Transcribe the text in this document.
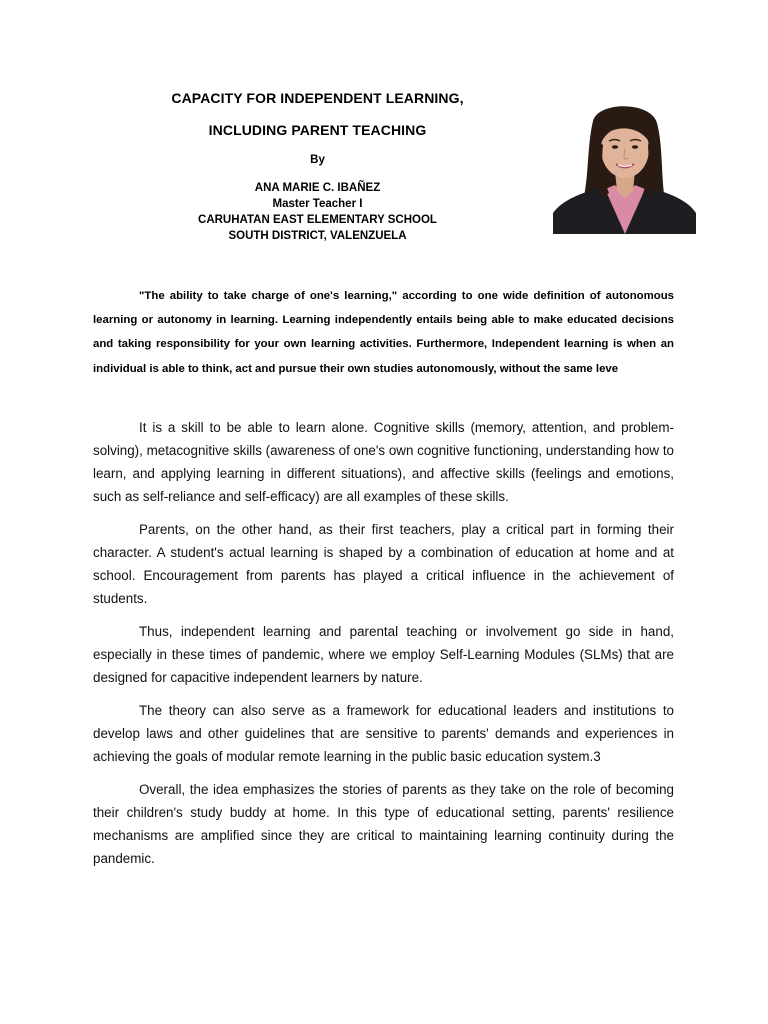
CAPACITY FOR INDEPENDENT LEARNING,
INCLUDING PARENT TEACHING
By
ANA MARIE C. IBAÑEZ
Master Teacher I
CARUHATAN EAST ELEMENTARY SCHOOL
SOUTH DISTRICT, VALENZUELA

"The ability to take charge of one's learning," according to one wide definition of autonomous learning or autonomy in learning. Learning independently entails being able to make educated decisions and taking responsibility for your own learning activities. Furthermore, Independent learning is when an individual is able to think, act and pursue their own studies autonomously, without the same leve

It is a skill to be able to learn alone. Cognitive skills (memory, attention, and problem-solving), metacognitive skills (awareness of one's own cognitive functioning, understanding how to learn, and applying learning in different situations), and affective skills (feelings and emotions, such as self-reliance and self-efficacy) are all examples of these skills.

Parents, on the other hand, as their first teachers, play a critical part in forming their character. A student's actual learning is shaped by a combination of education at home and at school. Encouragement from parents has played a critical influence in the achievement of students.

Thus, independent learning and parental teaching or involvement go side in hand, especially in these times of pandemic, where we employ Self-Learning Modules (SLMs) that are designed for capacitive independent learners by nature.

The theory can also serve as a framework for educational leaders and institutions to develop laws and other guidelines that are sensitive to parents' demands and experiences in achieving the goals of modular remote learning in the public basic education system.3

Overall, the idea emphasizes the stories of parents as they take on the role of becoming their children's study buddy at home. In this type of educational setting, parents' resilience mechanisms are amplified since they are critical to maintaining learning continuity during the pandemic.
